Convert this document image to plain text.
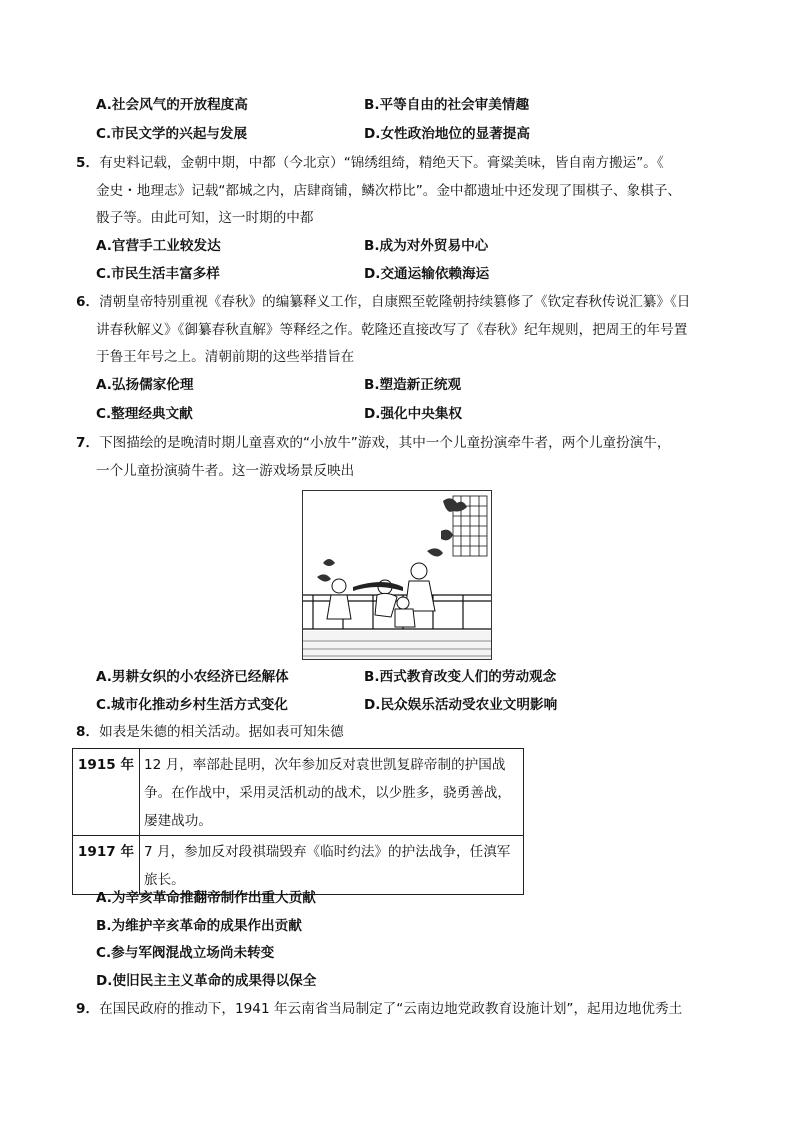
A.社会风气的开放程度高	B.平等自由的社会审美情趣
C.市民文学的兴起与发展	D.女性政治地位的显著提高
5．有史料记载，金朝中期，中都（今北京）“锦绣组绮，精绝天下。膏粱美味，皆自南方搬运”。《
金史・地理志》记载“都城之内，店肆商铺，鳞次栉比”。金中都遗址中还发现了围棋子、象棋子、
骰子等。由此可知，这一时期的中都
A.官营手工业较发达	B.成为对外贸易中心
C.市民生活丰富多样	D.交通运输依赖海运
6．清朝皇帝特别重视《春秋》的编纂释义工作，自康熙至乾隆朝持续篡修了《钦定春秋传说汇纂》《日
讲春秋解义》《御纂春秋直解》等释经之作。乾隆还直接改写了《春秋》纪年规则，把周王的年号置
于鲁王年号之上。清朝前期的这些举措旨在
A.弘扬儒家伦理	B.塑造新正统观
C.整理经典文献	D.强化中央集权
7．下图描绘的是晚清时期儿童喜欢的“小放牛”游戏，其中一个儿童扮演牵牛者，两个儿童扮演牛，
一个儿童扮演骑牛者。这一游戏场景反映出
A.男耕女织的小农经济已经解体	B.西式教育改变人们的劳动观念
C.城市化推动乡村生活方式变化	D.民众娱乐活动受农业文明影响
8．如表是朱德的相关活动。据如表可知朱德
1915 年	12 月，率部赴昆明，次年参加反对袁世凯复辟帝制的护国战
争。在作战中，采用灵活机动的战术，以少胜多，骁勇善战，
屡建战功。

1917 年	7 月，参加反对段祺瑞毁弃《临时约法》的护法战争，任滇军
旅长。
A.为辛亥革命推翻帝制作出重大贡献
B.为维护辛亥革命的成果作出贡献
C.参与军阀混战立场尚未转变
D.使旧民主主义革命的成果得以保全
9．在国民政府的推动下，1941 年云南省当局制定了“云南边地党政教育设施计划”，起用边地优秀土
